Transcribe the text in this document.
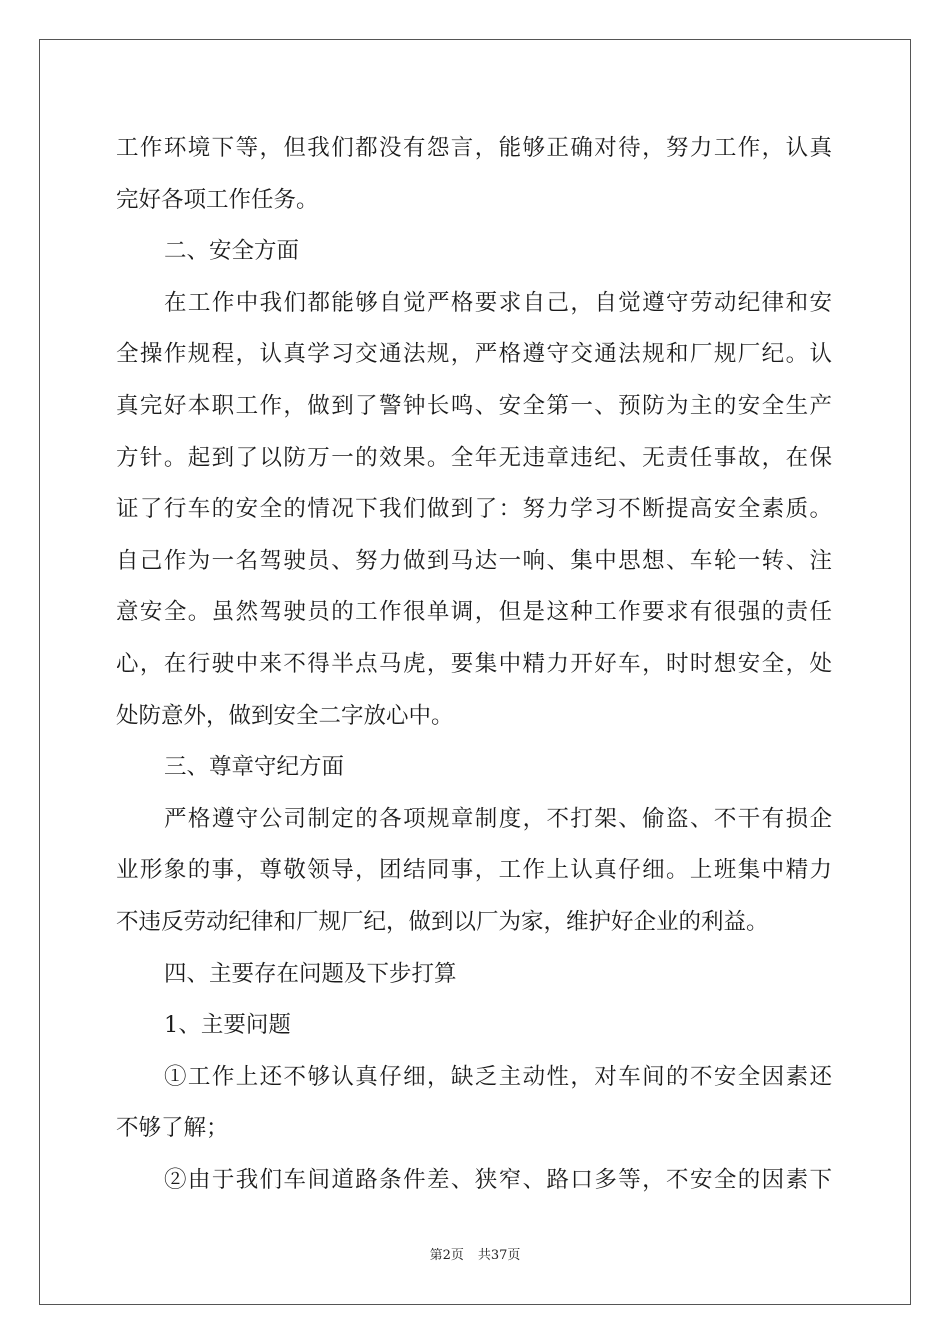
工作环境下等，但我们都没有怨言，能够正确对待，努力工作，认真
完好各项工作任务。
二、安全方面
在工作中我们都能够自觉严格要求自己，自觉遵守劳动纪律和安
全操作规程，认真学习交通法规，严格遵守交通法规和厂规厂纪。认
真完好本职工作，做到了警钟长鸣、安全第一、预防为主的安全生产
方针。起到了以防万一的效果。全年无违章违纪、无责任事故，在保
证了行车的安全的情况下我们做到了：努力学习不断提高安全素质。
自己作为一名驾驶员、努力做到马达一响、集中思想、车轮一转、注
意安全。虽然驾驶员的工作很单调，但是这种工作要求有很强的责任
心，在行驶中来不得半点马虎，要集中精力开好车，时时想安全，处
处防意外，做到安全二字放心中。
三、尊章守纪方面
严格遵守公司制定的各项规章制度，不打架、偷盗、不干有损企
业形象的事，尊敬领导，团结同事，工作上认真仔细。上班集中精力
不违反劳动纪律和厂规厂纪，做到以厂为家，维护好企业的利益。
四、主要存在问题及下步打算
1、主要问题
①工作上还不够认真仔细，缺乏主动性，对车间的不安全因素还
不够了解；
②由于我们车间道路条件差、狭窄、路口多等，不安全的因素下
第2页 共37页
